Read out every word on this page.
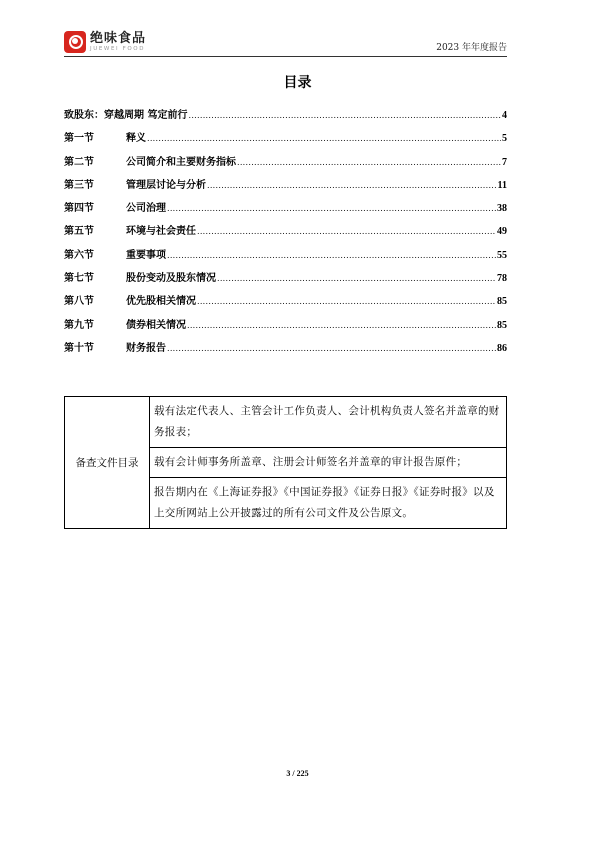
绝味食品
JUEWEI FOOD	2023 年年度报告
目录
致股东： 穿越周期 笃定前行 .....	4
第一节	释义 .....	5
第二节	公司简介和主要财务指标 .....	7
第三节	管理层讨论与分析 .....	11
第四节	公司治理 .....	38
第五节	环境与社会责任 .....	49
第六节	重要事项 .....	55
第七节	股份变动及股东情况 .....	78
第八节	优先股相关情况 .....	85
第九节	债券相关情况 .....	85
第十节	财务报告 .....	86
备查文件目录	载有法定代表人、主管会计工作负责人、会计机构负责人签名并盖章的财务报表；
载有会计师事务所盖章、注册会计师签名并盖章的审计报告原件；
报告期内在《上海证券报》《中国证券报》《证券日报》《证券时报》以及上交所网站上公开披露过的所有公司文件及公告原文。
3 / 225
